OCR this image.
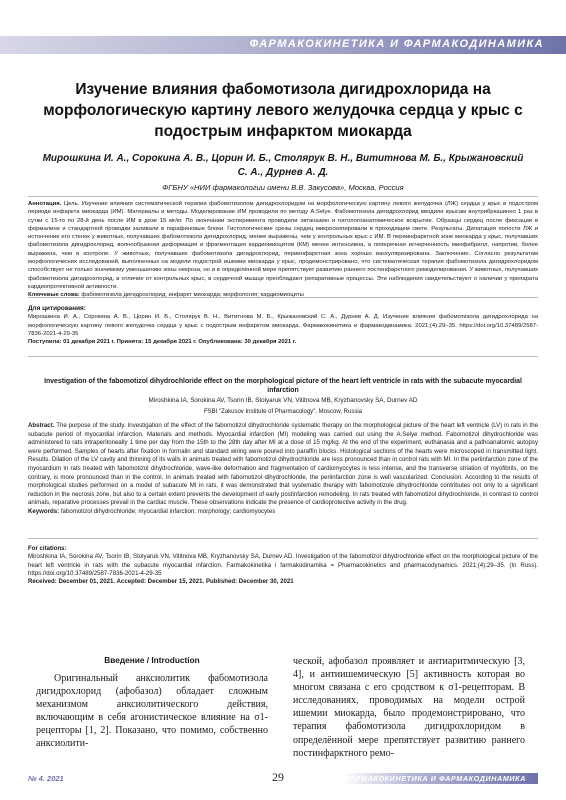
ФАРМАКОКИНЕТИКА И ФАРМАКОДИНАМИКА
Изучение влияния фабомотизола дигидрохлорида на морфологическую картину левого желудочка сердца у крыс с подострым инфарктом миокарда
Мирошкина И. А., Сорокина А. В., Цорин И. Б., Столярук В. Н., Вититнова М. Б., Крыжановский С. А., Дурнев А. Д.
ФГБНУ «НИИ фармакологии имени В.В. Закусова», Москва, Россия

Аннотация. Цель. Изучение влияния систематической терапии фабомотизолом дигидрохлоридом на морфологическую картину левого желудочка (ЛЖ) сердца у крыс в подостром периоде инфаркта миокарда (ИМ). Материалы и методы. Моделирование ИМ проводили по методу A.Selye. Фабомотизола дигидрохлорид вводили крысам внутрибрюшинно 1 раз в сутки с 15-го по 28-й день после ИМ в дозе 15 мг/кг. По окончании эксперимента проводили эвтаназию и патологоанатомическое вскрытие. Образцы сердец после фиксации в формалине и стандартной проводки заливали в парафиновые блоки. Гистологические срезы сердец микроскопировали в проходящем свете. Результаты. Дилатация полости ЛЖ и истончение его стенок у животных, получавших фабомотизола дигидрохлорид, менее выражены, чем у контрольных крыс с ИМ. В периинфарктной зоне миокарда у крыс, получавших фабомотизола дигидрохлорид, волнообразная деформация и фрагментация кардиомиоцитов (КМ) менее интенсивна, а поперечная исчерченность миофибрилл, напротив, более выражена, чем в контроле. У животных, получавших фабомотизола дигидрохлорид, периинфарктная зона хорошо васкуляризирована. Заключение. Согласно результатам морфологических исследований, выполненных на модели подострой ишемии миокарда у крыс, продемонстрировано, что систематическая терапия фабомотизола дигидрохлоридом способствует не только значимому уменьшению зоны некроза, но и в определённой мере препятствует развитию раннего постинфарктного ремоделирования. У животных, получавших фабомотизола дигидрохлорид, в отличие от контрольных крыс, в сердечной мышце преобладают репаративные процессы. Эти наблюдения свидетельствуют о наличии у препарата кардиопротективной активности.

Ключевые слова: фабомотизола дигидрохлорид; инфаркт миокарда; морфология; кардиомиоциты

Для цитирования:

Мирошкина И. А., Сорокина А. В., Цорин И. Б., Столярук В. Н., Вититнова М. Б., Крыжановский С. А., Дурнев А. Д. Изучение влияния фабомотизола дигидрохлорида на морфологическую картину левого желудочка сердца у крыс с подострым инфарктом миокарда. Фармакокинетика и фармакодинамика. 2021;(4):29–35. https://doi.org/10.37489/2587-7836-2021-4-29-35

Поступила: 01 декабря 2021 г. Принята: 15 декабря 2021 г. Опубликована: 30 декабря 2021 г.

Investigation of the fabomotizol dihydrochloride effect on the morphological picture of the heart left ventricle in rats with the subacute myocardial infarction
Miroshkina IA, Sorokina AV, Tsorin IB, Stolyaruk VN, Vititnova MB, Kryzhanovsky SA, Durnev AD
FSBI "Zakusov Institute of Pharmacology", Moscow, Russia

Abstract. The purpose of the study. Investigation of the effect of the fabomotizol dihydrochloride systematic therapy on the morphological picture of the heart left ventricle (LV) in rats in the subacute period of myocardial infarction. Materials and methods. Myocardial infarction (MI) modeling was carried out using the A.Selye method. Fabomotizol dihydrochloride was administered to rats intraperitoneally 1 time per day from the 15th to the 28th day after MI at a dose of 15 mg/kg. At the end of the experiment, euthanasia and a pathoanatomic autopsy were performed. Samples of hearts after fixation in formalin and standard wiring were poured into paraffin blocks. Histological sections of the hearts were microscoped in transmitted light. Results. Dilation of the LV cavity and thinning of its walls in animals treated with fabomotizol dihydrochloride are less pronounced than in control rats with MI. In the periinfarction zone of the myocardium in rats treated with fabomotizol dihydrochloride, wave-like deformation and fragmentation of cardiomyocytes is less intense, and the transverse striation of myofibrils, on the contrary, is more pronounced than in the control. In animals treated with fabomotizol dihydrochloride, the periinfarction zone is well vascularized. Conclusion. According to the results of morphological studies performed on a model of subacute MI in rats, it was demonstrated that systematic therapy with fabomotizole dihydrochloride contributes not only to a significant reduction in the necrosis zone, but also to a certain extent prevents the development of early postinfarction remodeling. In rats treated with fabomotizol dihydrochloride, in contrast to control animals, reparative processes prevail in the cardiac muscle. These observations indicate the presence of cardioprotective activity in the drug.

Keywords: fabomotizol dihydrochloride; myocardial infarction; morphology; cardiomyocytes

For citations:

Miroshkina IA, Sorokina AV, Tsorin IB, Stolyaruk VN, Vititnova MB, Kryzhanovsky SA, Durnev AD. Investigation of the fabomotizol dihydrochloride effect on the morphological picture of the heart left ventricle in rats with the subacute myocardial infarction. Farmakokinetika i farmakodinamika = Pharmacokinetics and pharmacodynamics. 2021;(4):29–35. (In Russ). https://doi.org/10.37489/2587-7836-2021-4-29-35

Received: December 01, 2021. Accepted: December 15, 2021. Published: December 30, 2021

Введение / Introduction
Оригинальный анксиолитик фабомотизола дигидрохлорид (афобазол) обладает сложным механизмом анксиолитического действия, включающим в себя агонистическое влияние на σ1-рецепторы [1, 2]. Показано, что помимо, собственно анксиолити-
ческой, афобазол проявляет и антиаритмическую [3, 4], и антиишемическую [5] активность которая во многом связана с его сродством к σ1-рецепторам. В исследованиях, проводимых на модели острой ишемии миокарда, было продемонстрировано, что терапия фабомотизола дигидрохлоридом в определённой мере препятствует развитию раннего постинфарктного ремо-
№ 4. 2021	29	ФАРМАКОКИНЕТИКА И ФАРМАКОДИНАМИКА
